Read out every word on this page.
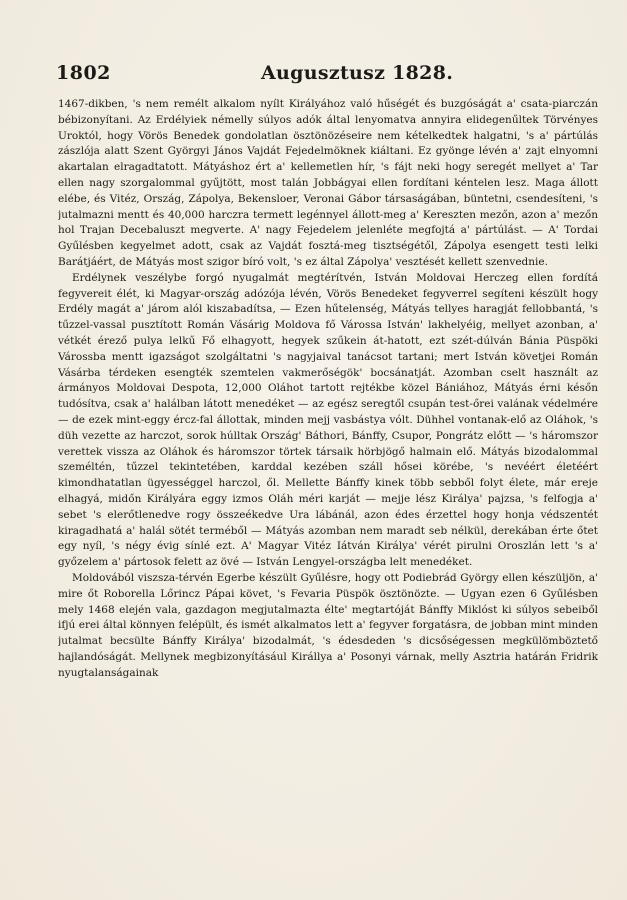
1802	Augusztusz 1828.

1467-dikben, 's nem remélt alkalom nyílt Királyához való hűségét és buzgóságát a' csata-piarczán bébizonyítani. Az Erdélyiek némelly súlyos adók által lenyomatva annyira elidegenűltek Törvényes Uroktól, hogy Vörös Benedek gondolatlan ösztönözéseire nem kételkedtek halgatni, 's a' pártúlás zászlója alatt Szent Györgyi János Vajdát Fejedelmöknek kiáltani. Ez gyönge lévén a' zajt elnyomni akartalan elragadtatott. Mátyáshoz ért a' kellemetlen hír, 's fájt neki hogy seregét mellyet a' Tar ellen nagy szorgalommal gyűjtött, most talán Jobbágyai ellen fordítani kéntelen lesz. Maga állott elébe, és Vitéz, Ország, Zápolya, Bekensloer, Veronai Gábor társaságában, büntetni, csendesíteni, 's jutalmazni mentt és 40,000 harczra termett legénnyel állott-meg a' Kereszten mezőn, azon a' mezőn hol Trajan Decebaluszt megverte. A' nagy Fejedelem jelenléte megfojtá a' pártúlást. — A' Tordai Gyűlésben kegyelmet adott, csak az Vajdát fosztá-meg tisztségétől, Zápolya esengett testi lelki Barátjáért, de Mátyás most szigor bíró volt, 's ez által Zápolya' vesztését kellett szenvednie.

Erdélynek veszélybe forgó nyugalmát megtérítvén, István Moldovai Herczeg ellen fordítá fegyvereit élét, ki Magyar-ország adózója lévén, Vörös Benedeket fegyverrel segíteni készült hogy Erdély magát a' járom alól kiszabadítsa, — Ezen hűtelenség, Mátyás tellyes haragját fellobbantá, 's tűzzel-vassal pusztított Román Vásárig Moldova fő Várossa István' lakhelyéig, mellyet azonban, a' vétkét érező pulya lelkű Fő elhagyott, hegyek szűkein át-hatott, ezt szét-dúlván Bánia Püspöki Várossba mentt igazságot szolgáltatni 's nagyjaival tanácsot tartani; mert István követjei Román Vásárba térdeken esengték szemtelen vakmerőségök' bocsánatját. Azomban cselt használt az ármányos Moldovai Despota, 12,000 Oláhot tartott rejtékbe közel Bániához, Mátyás érni későn tudósítva, csak a' halálban látott menedéket — az egész seregtől csupán test-őrei valának védelmére — de ezek mint-eggy ércz-fal állottak, minden mejj vasbástya vólt. Dühhel vontanak-elő az Oláhok, 's düh vezette az harczot, sorok húlltak Ország' Báthori, Bánffy, Csupor, Pongrátz előtt — 's háromszor verettek vissza az Oláhok és háromszor törtek társaik hörbjögő halmain elő. Mátyás bizodalommal személtén, tűzzel tekintetében, karddal kezében száll hősei körébe, 's nevéért életéért kimondhatatlan ügyességgel harczol, ől. Mellette Bánffy kinek több sebből folyt élete, már ereje elhagyá, midőn Királyára eggy izmos Oláh méri karját — mejje lész Királya' pajzsa, 's felfogja a' sebet 's elerőtlenedve rogy összeékedve Ura lábánál, azon édes érzettel hogy honja védszentét kiragadhatá a' halál sötét terméből — Mátyás azomban nem maradt seb nélkül, derekában érte őtet egy nyíl, 's négy évig sínlé ezt. A' Magyar Vitéz Iátván Királya' vérét pirulni Oroszlán lett 's a' győzelem a' pártosok felett az övé — István Lengyel-országba lelt menedéket.

Moldovából viszsza-térvén Egerbe készült Gyűlésre, hogy ott Podiebrád György ellen készüljön, a' mire őt Roborella Lőrincz Pápai követ, 's Fevaria Püspök ösztönözte. — Ugyan ezen 6 Gyűlésben mely 1468 elején vala, gazdagon megjutalmazta élte' megtartóját Bánffy Miklóst ki súlyos sebeiből ifjú erei által könnyen felépült, és ismét alkalmatos lett a' fegyver forgatásra, de jobban mint minden jutalmat becsülte Bánffy Királya' bizodalmát, 's édesdeden 's dicsőségessen megkülömböztető hajlandóságát. Mellynek megbizonyításául Királlya a' Posonyi várnak, melly Asztria határán Fridrik nyugtalanságainak
